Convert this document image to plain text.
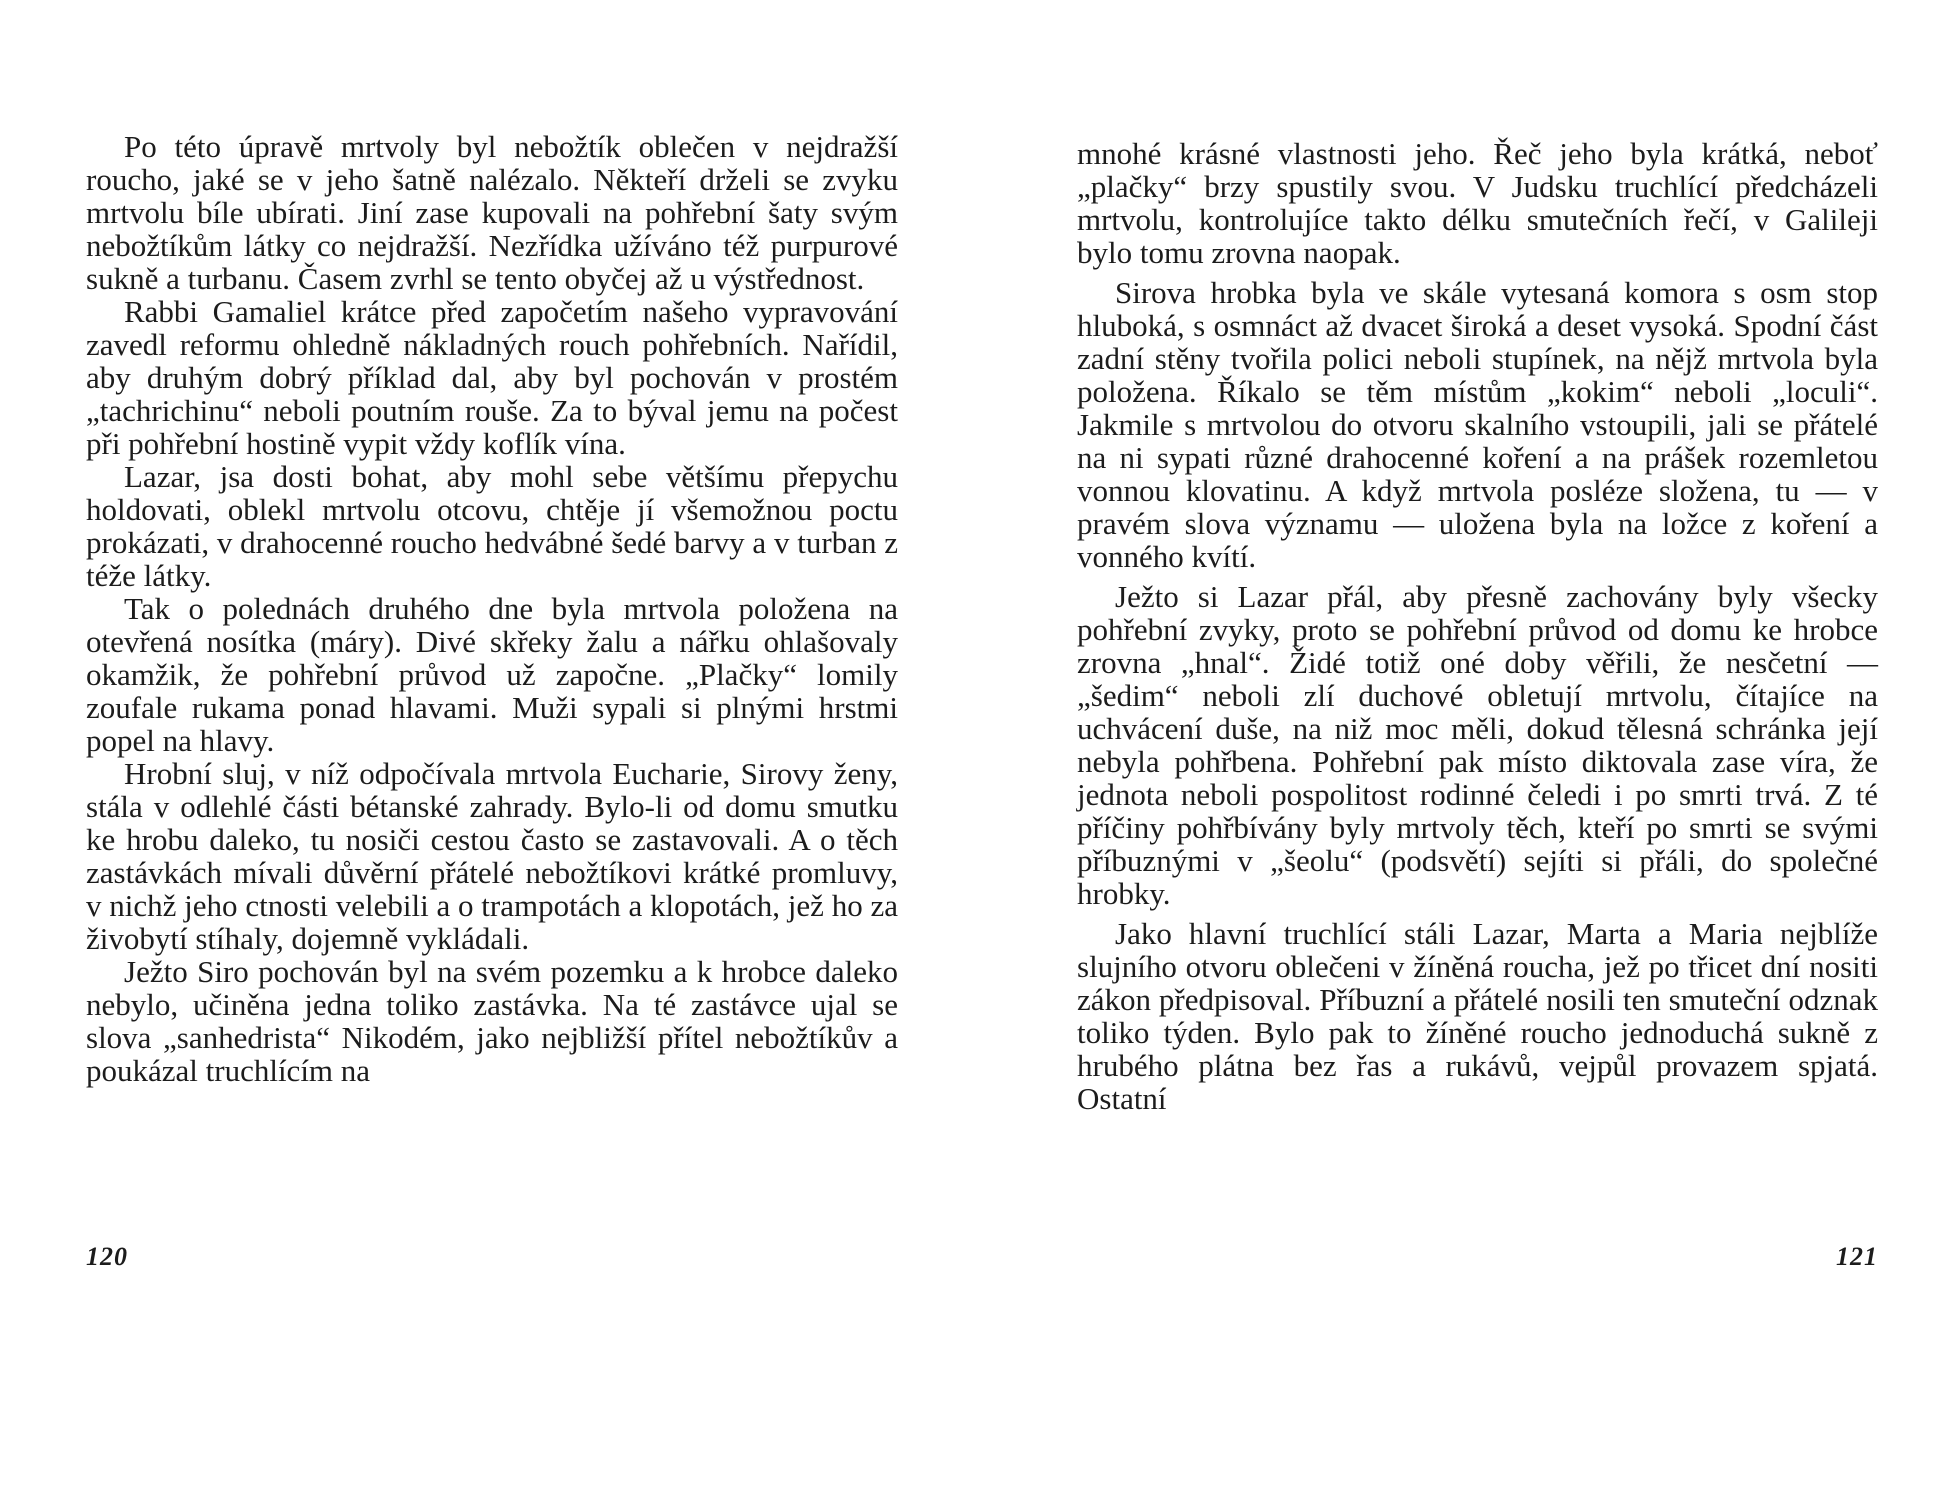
Po této úpravě mrtvoly byl nebožtík oblečen v nejdražší roucho, jaké se v jeho šatně nalézalo. Někteří drželi se zvyku mrtvolu bíle ubírati. Jiní zase kupovali na pohřební šaty svým nebožtíkům látky co nejdražší. Nezřídka užíváno též purpurové sukně a turbanu. Časem zvrhl se tento obyčej až u výstřednost.

Rabbi Gamaliel krátce před započetím našeho vypravování zavedl reformu ohledně nákladných rouch pohřebních. Nařídil, aby druhým dobrý příklad dal, aby byl pochován v prostém „tachrichinu“ neboli poutním rouše. Za to býval jemu na počest při pohřební hostině vypit vždy koflík vína.

Lazar, jsa dosti bohat, aby mohl sebe většímu přepychu holdovati, oblekl mrtvolu otcovu, chtěje jí všemožnou poctu prokázati, v drahocenné roucho hedvábné šedé barvy a v turban z téže látky.

Tak o polednách druhého dne byla mrtvola položena na otevřená nosítka (máry). Divé skřeky žalu a nářku ohlašovaly okamžik, že pohřební průvod už započne. „Plačky“ lomily zoufale rukama ponad hlavami. Muži sypali si plnými hrstmi popel na hlavy.

Hrobní sluj, v níž odpočívala mrtvola Eucharie, Sirovy ženy, stála v odlehlé části bétanské zahrady. Bylo-li od domu smutku ke hrobu daleko, tu nosiči cestou často se zastavovali. A o těch zastávkách mívali důvěrní přátelé nebožtíkovi krátké promluvy, v nichž jeho ctnosti velebili a o trampotách a klopotách, jež ho za živobytí stíhaly, dojemně vykládali.

Ježto Siro pochován byl na svém pozemku a k hrobce daleko nebylo, učiněna jedna toliko zastávka. Na té zastávce ujal se slova „sanhedrista“ Nikodém, jako nejbližší přítel nebožtíkův a poukázal truchlícím na

120

mnohé krásné vlastnosti jeho. Řeč jeho byla krátká, neboť „plačky“ brzy spustily svou. V Judsku truchlící předcházeli mrtvolu, kontrolujíce takto délku smutečních řečí, v Galileji bylo tomu zrovna naopak.

Sirova hrobka byla ve skále vytesaná komora s osm stop hluboká, s osmnáct až dvacet široká a deset vysoká. Spodní část zadní stěny tvořila polici neboli stupínek, na nějž mrtvola byla položena. Říkalo se těm místům „kokim“ neboli „loculi“. Jakmile s mrtvolou do otvoru skalního vstoupili, jali se přátelé na ni sypati různé drahocenné koření a na prášek rozemletou vonnou klovatinu. A když mrtvola posléze složena, tu — v pravém slova významu — uložena byla na ložce z koření a vonného kvítí.

Ježto si Lazar přál, aby přesně zachovány byly všecky pohřební zvyky, proto se pohřební průvod od domu ke hrobce zrovna „hnal“. Židé totiž oné doby věřili, že nesčetní — „šedim“ neboli zlí duchové obletují mrtvolu, čítajíce na uchvácení duše, na niž moc měli, dokud tělesná schránka její nebyla pohřbena. Pohřební pak místo diktovala zase víra, že jednota neboli pospolitost rodinné čeledi i po smrti trvá. Z té příčiny pohřbívány byly mrtvoly těch, kteří po smrti se svými příbuznými v „šeolu“ (podsvětí) sejíti si přáli, do společné hrobky.

Jako hlavní truchlící stáli Lazar, Marta a Maria nejblíže slujního otvoru oblečeni v žíněná roucha, jež po třicet dní nositi zákon předpisoval. Příbuzní a přátelé nosili ten smuteční odznak toliko týden. Bylo pak to žíněné roucho jednoduchá sukně z hrubého plátna bez řas a rukávů, vejpůl provazem spjatá. Ostatní

121
